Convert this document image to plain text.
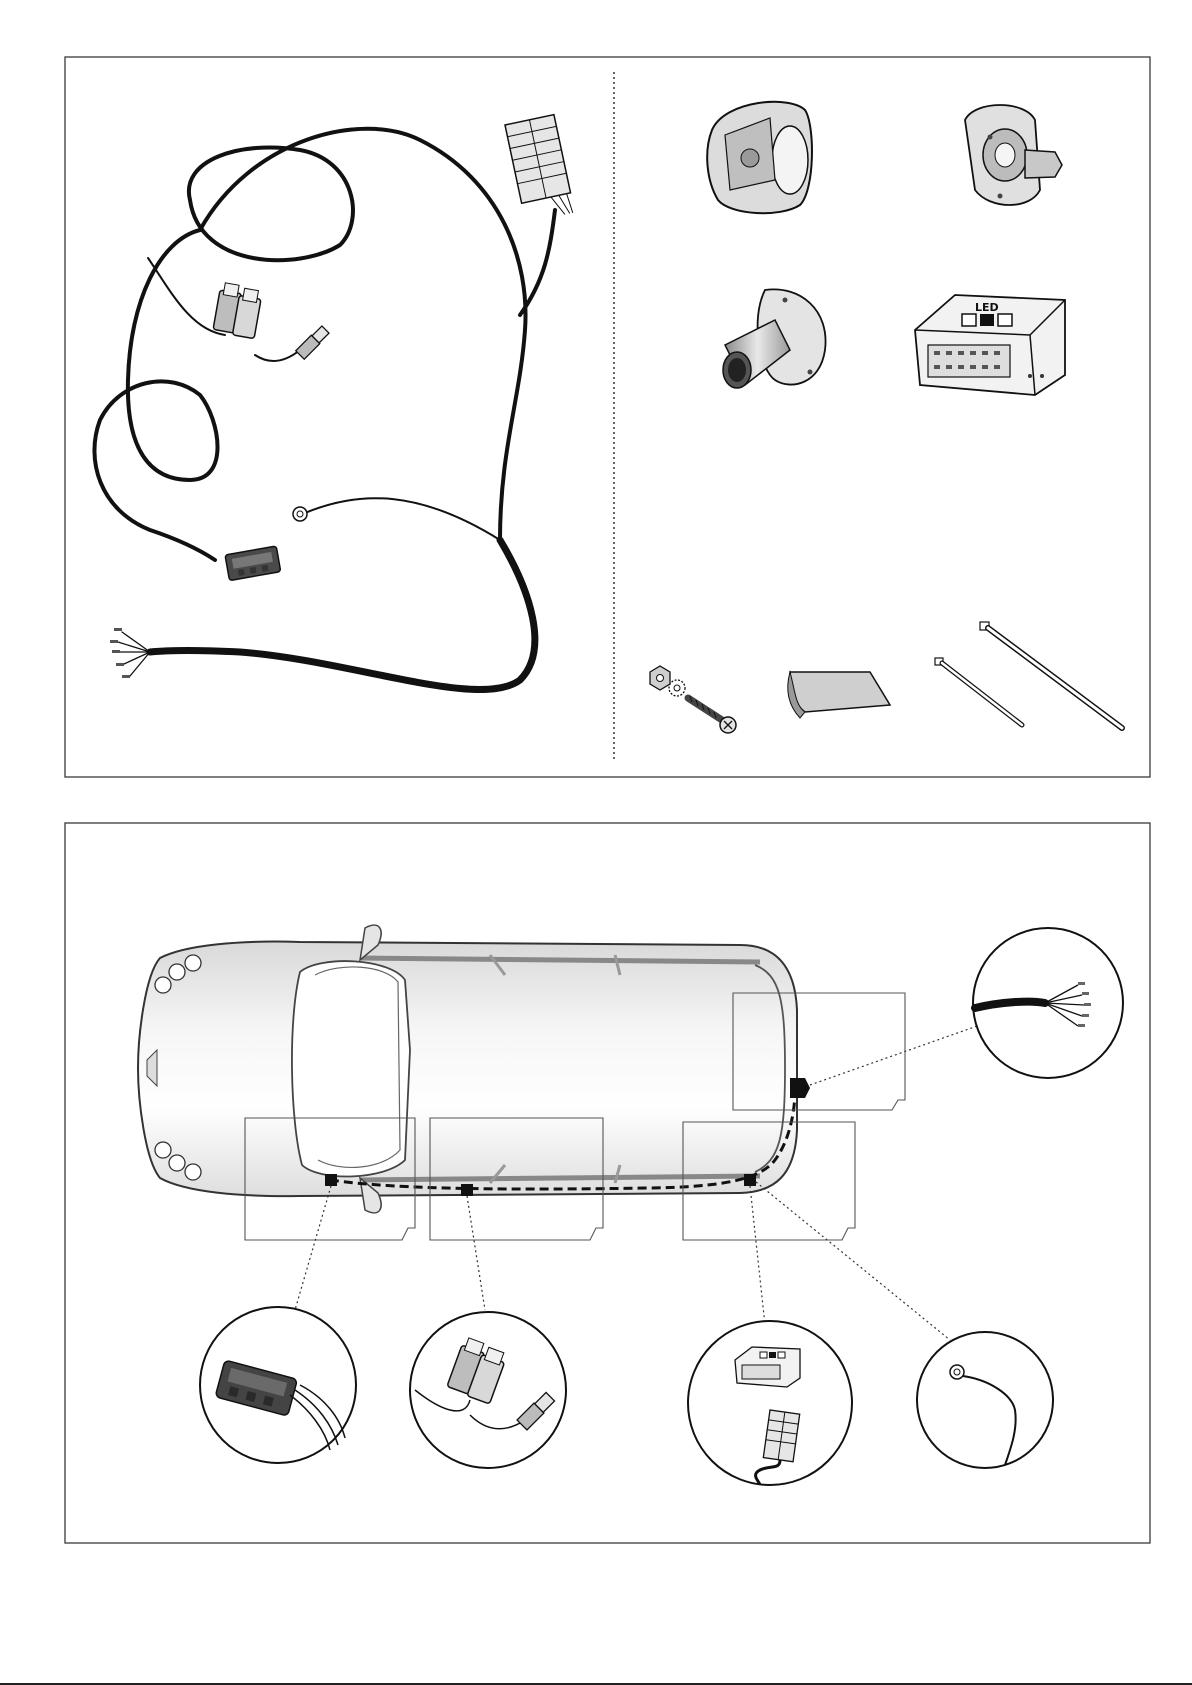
LED
